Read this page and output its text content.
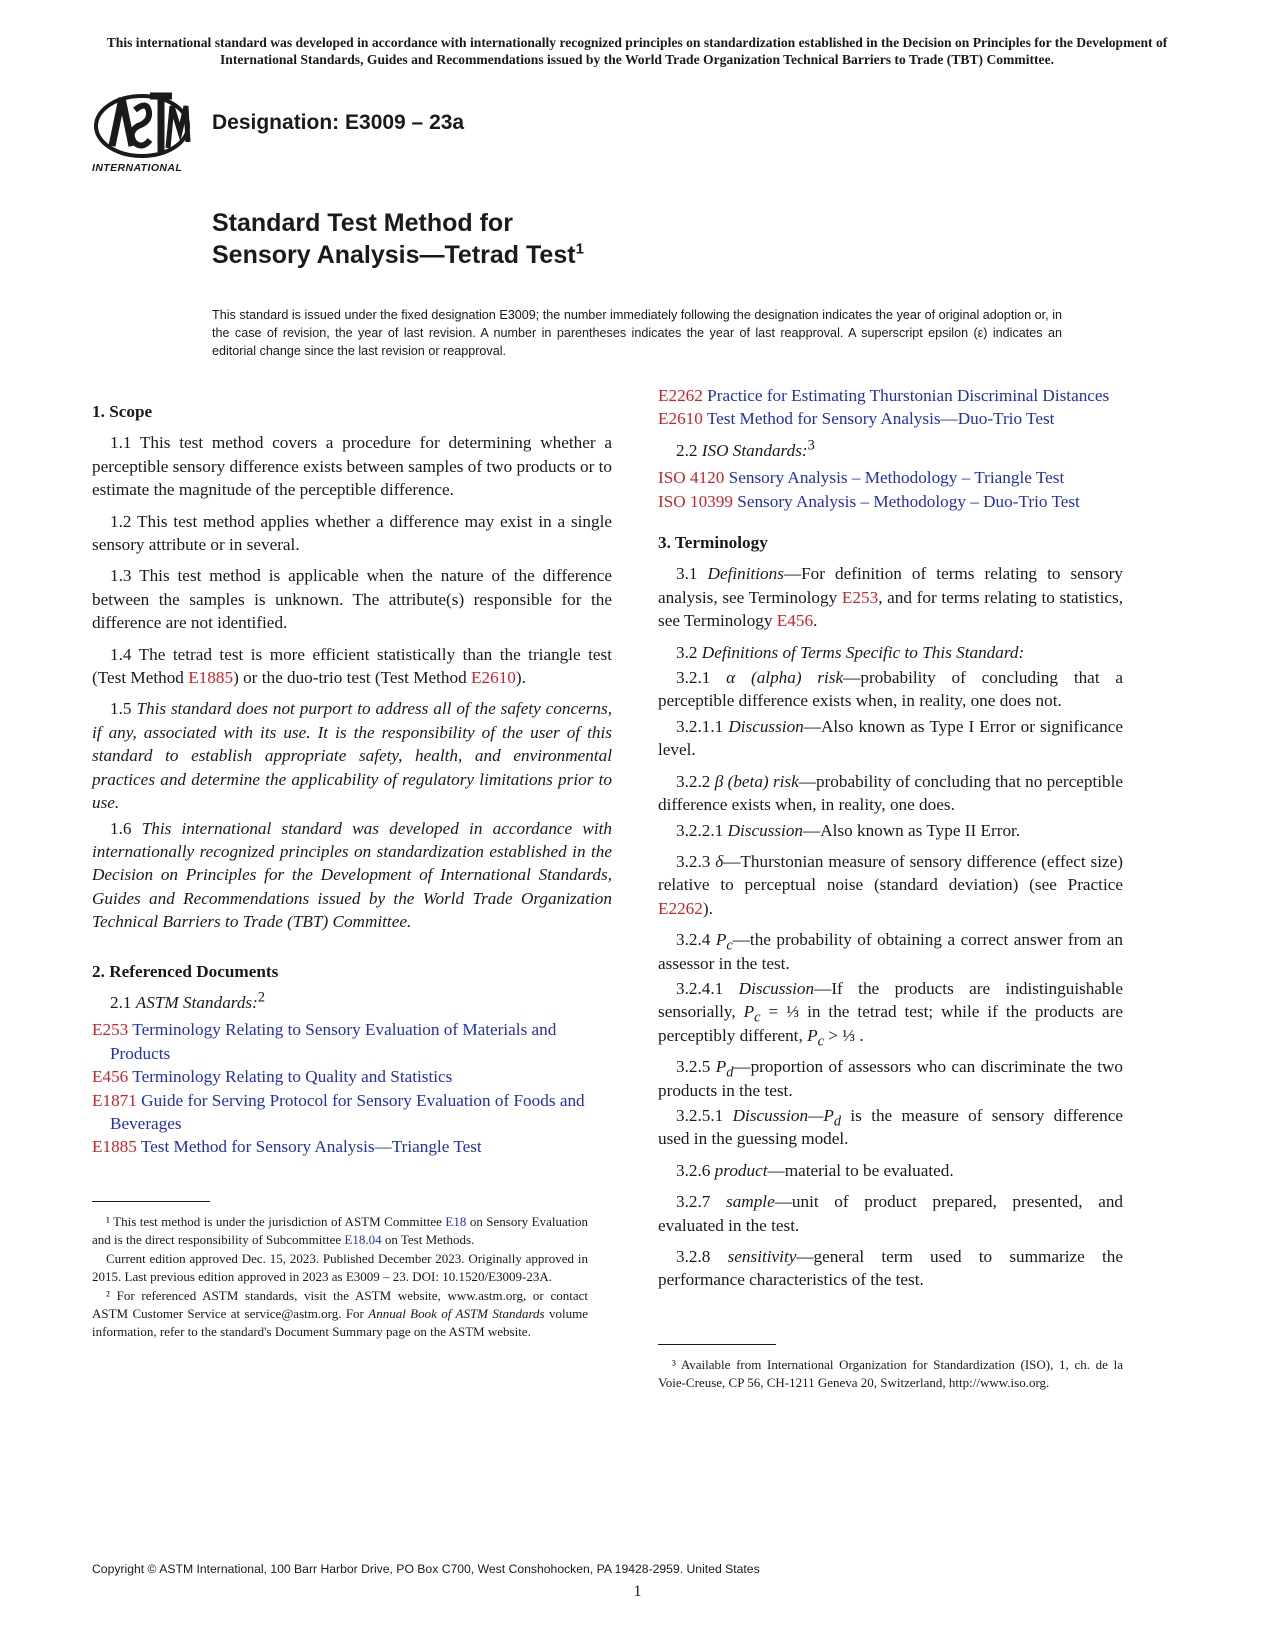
This international standard was developed in accordance with internationally recognized principles on standardization established in the Decision on Principles for the Development of International Standards, Guides and Recommendations issued by the World Trade Organization Technical Barriers to Trade (TBT) Committee.
INTERNATIONAL
Designation: E3009 – 23a
Standard Test Method for
Sensory Analysis—Tetrad Test$^1$
This standard is issued under the fixed designation E3009; the number immediately following the designation indicates the year of original adoption or, in the case of revision, the year of last revision. A number in parentheses indicates the year of last reapproval. A superscript epsilon (ε) indicates an editorial change since the last revision or reapproval.
1. Scope

1.1 This test method covers a procedure for determining whether a perceptible sensory difference exists between samples of two products or to estimate the magnitude of the perceptible difference.

1.2 This test method applies whether a difference may exist in a single sensory attribute or in several.

1.3 This test method is applicable when the nature of the difference between the samples is unknown. The attribute(s) responsible for the difference are not identified.

1.4 The tetrad test is more efficient statistically than the triangle test (Test Method E1885) or the duo-trio test (Test Method E2610).

1.5 This standard does not purport to address all of the safety concerns, if any, associated with its use. It is the responsibility of the user of this standard to establish appropriate safety, health, and environmental practices and determine the applicability of regulatory limitations prior to use.

1.6 This international standard was developed in accordance with internationally recognized principles on standardization established in the Decision on Principles for the Development of International Standards, Guides and Recommendations issued by the World Trade Organization Technical Barriers to Trade (TBT) Committee.

2. Referenced Documents

2.1 ASTM Standards:$^2$

E253 Terminology Relating to Sensory Evaluation of Materials and Products

E456 Terminology Relating to Quality and Statistics

E1871 Guide for Serving Protocol for Sensory Evaluation of Foods and Beverages

E1885 Test Method for Sensory Analysis—Triangle Test

¹ This test method is under the jurisdiction of ASTM Committee E18 on Sensory Evaluation and is the direct responsibility of Subcommittee E18.04 on Test Methods.

Current edition approved Dec. 15, 2023. Published December 2023. Originally approved in 2015. Last previous edition approved in 2023 as E3009 – 23. DOI: 10.1520/E3009-23A.

² For referenced ASTM standards, visit the ASTM website, www.astm.org, or contact ASTM Customer Service at service@astm.org. For Annual Book of ASTM Standards volume information, refer to the standard's Document Summary page on the ASTM website.

E2262 Practice for Estimating Thurstonian Discriminal Distances

E2610 Test Method for Sensory Analysis—Duo-Trio Test

2.2 ISO Standards:$^3$

ISO 4120 Sensory Analysis – Methodology – Triangle Test

ISO 10399 Sensory Analysis – Methodology – Duo-Trio Test

3. Terminology

3.1 Definitions—For definition of terms relating to sensory analysis, see Terminology E253, and for terms relating to statistics, see Terminology E456.

3.2 Definitions of Terms Specific to This Standard:

3.2.1 α (alpha) risk—probability of concluding that a perceptible difference exists when, in reality, one does not.

3.2.1.1 Discussion—Also known as Type I Error or significance level.

3.2.2 β (beta) risk—probability of concluding that no perceptible difference exists when, in reality, one does.

3.2.2.1 Discussion—Also known as Type II Error.

3.2.3 δ—Thurstonian measure of sensory difference (effect size) relative to perceptual noise (standard deviation) (see Practice E2262).

3.2.4 $P_c—the$ probability of obtaining a correct answer from an assessor in the test.

3.2.4.1 Discussion—If the products are indistinguishable sensorially, $P_c$ = ⅓ in the tetrad test; while if the products are perceptibly different, $P_c$ > ⅓ .

3.2.5 $P_d—proportion$ of assessors who can discriminate the two products in the test.

3.2.5.1 $Discussion—P_d$ is the measure of sensory difference used in the guessing model.

3.2.6 product—material to be evaluated.

3.2.7 sample—unit of product prepared, presented, and evaluated in the test.

3.2.8 sensitivity—general term used to summarize the performance characteristics of the test.

³ Available from International Organization for Standardization (ISO), 1, ch. de la Voie-Creuse, CP 56, CH-1211 Geneva 20, Switzerland, http://www.iso.org.

Copyright © ASTM International, 100 Barr Harbor Drive, PO Box C700, West Conshohocken, PA 19428-2959. United States
1
